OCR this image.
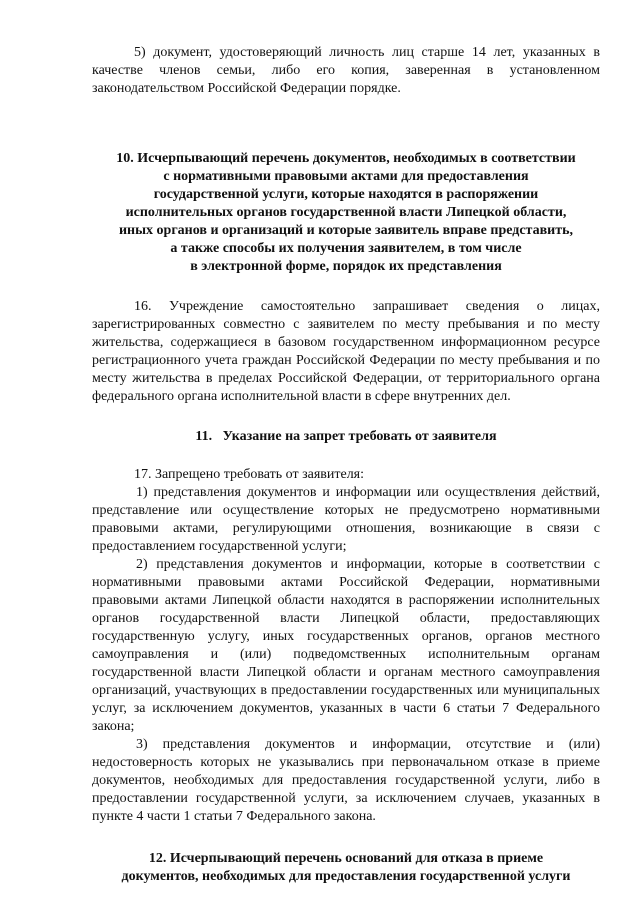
5) документ, удостоверяющий личность лиц старше 14 лет, указанных в качестве членов семьи, либо его копия, заверенная в установленном законодательством Российской Федерации порядке.

10. Исчерпывающий перечень документов, необходимых в соответствии
с нормативными правовыми актами для предоставления
государственной услуги, которые находятся в распоряжении
исполнительных органов государственной власти Липецкой области,
иных органов и организаций и которые заявитель вправе представить,
а также способы их получения заявителем, в том числе
в электронной форме, порядок их представления

16. Учреждение самостоятельно запрашивает сведения о лицах, зарегистрированных совместно с заявителем по месту пребывания и по месту жительства, содержащиеся в базовом государственном информационном ресурсе регистрационного учета граждан Российской Федерации по месту пребывания и по месту жительства в пределах Российской Федерации, от территориального органа федерального органа исполнительной власти в сфере внутренних дел.

11.   Указание на запрет требовать от заявителя

17. Запрещено требовать от заявителя:

1) представления документов и информации или осуществления действий, представление или осуществление которых не предусмотрено нормативными правовыми актами, регулирующими отношения, возникающие в связи с предоставлением государственной услуги;

2) представления документов и информации, которые в соответствии с нормативными правовыми актами Российской Федерации, нормативными правовыми актами Липецкой области находятся в распоряжении исполнительных органов государственной власти Липецкой области, предоставляющих государственную услугу, иных государственных органов, органов местного самоуправления и (или) подведомственных исполнительным органам государственной власти Липецкой области и органам местного самоуправления организаций, участвующих в предоставлении государственных или муниципальных услуг, за исключением документов, указанных в части 6 статьи 7 Федерального закона;

3) представления документов и информации, отсутствие и (или) недостоверность которых не указывались при первоначальном отказе в приеме документов, необходимых для предоставления государственной услуги, либо в предоставлении государственной услуги, за исключением случаев, указанных в пункте 4 части 1 статьи 7 Федерального закона.

12. Исчерпывающий перечень оснований для отказа в приеме
документов, необходимых для предоставления государственной услуги
